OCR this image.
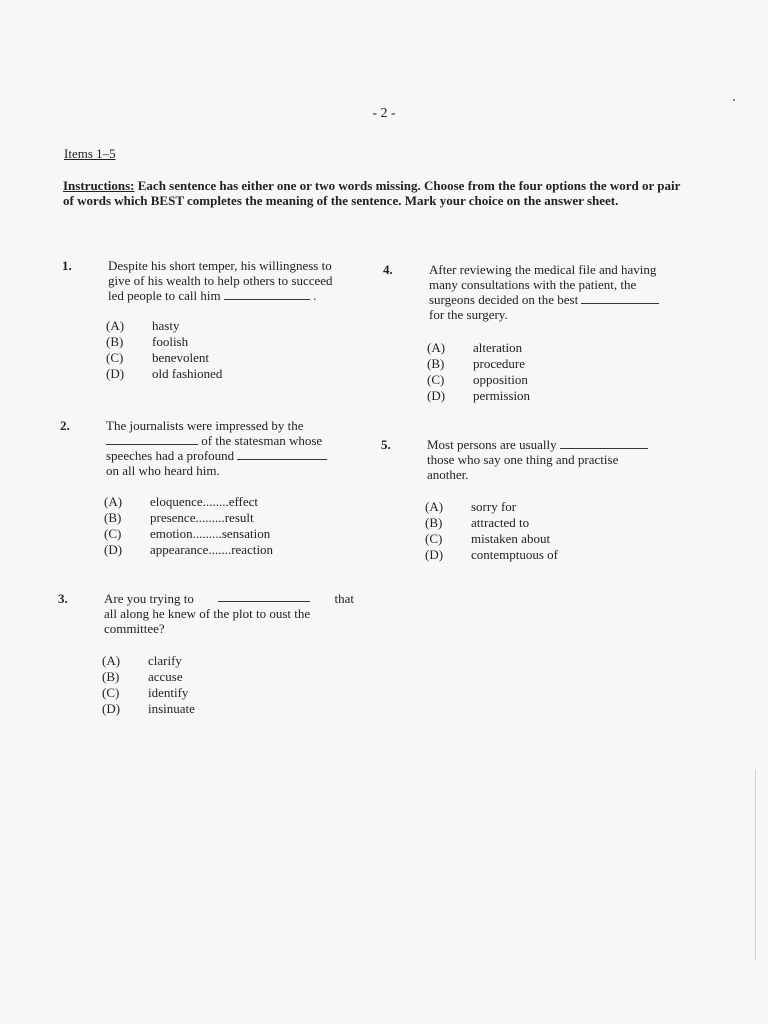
- 2 -
Items 1–5
Instructions: Each sentence has either one or two words missing. Choose from the four options the word or pair of words which BEST completes the meaning of the sentence. Mark your choice on the answer sheet.
1.	Despite his short temper, his willingness to
give of his wealth to help others to succeed
led people to call him	.
(A) hasty
(B) foolish
(C) benevolent
(D) old fashioned
2.	The journalists were impressed by the
of the statesman whose
speeches had a profound
on all who heard him.
(A) eloquence........effect
(B) presence.........result
(C) emotion.........sensation
(D) appearance.......reaction
3.	Are you trying to	that
all along he knew of the plot to oust the
committee?
(A) clarify
(B) accuse
(C) identify
(D) insinuate
4.	After reviewing the medical file and having
many consultations with the patient, the
surgeons decided on the best
for the surgery.
(A) alteration
(B) procedure
(C) opposition
(D) permission
5.	Most persons are usually
those who say one thing and practise
another.
(A) sorry for
(B) attracted to
(C) mistaken about
(D) contemptuous of
